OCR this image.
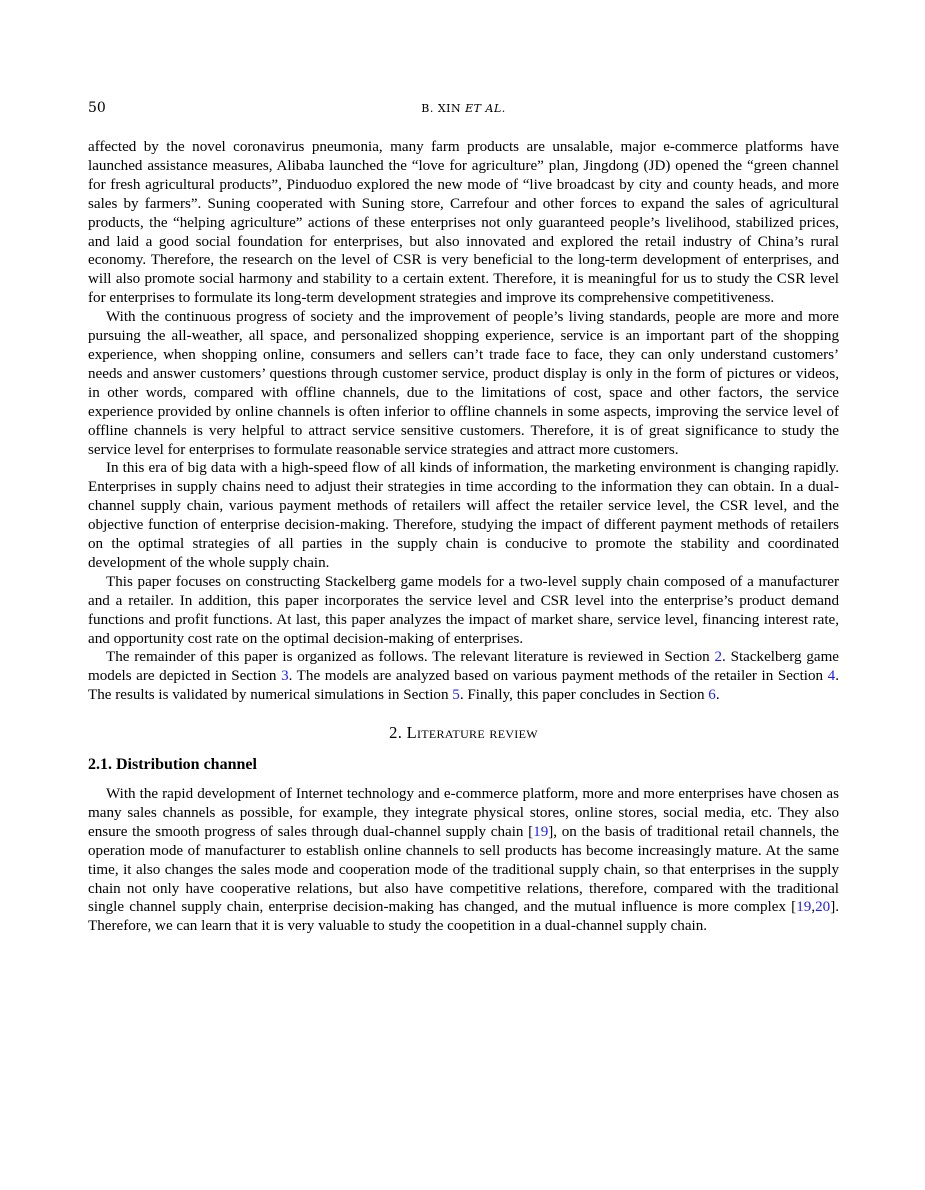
50	B. XIN ET AL.

affected by the novel coronavirus pneumonia, many farm products are unsalable, major e-commerce platforms have launched assistance measures, Alibaba launched the “love for agriculture” plan, Jingdong (JD) opened the “green channel for fresh agricultural products”, Pinduoduo explored the new mode of “live broadcast by city and county heads, and more sales by farmers”. Suning cooperated with Suning store, Carrefour and other forces to expand the sales of agricultural products, the “helping agriculture” actions of these enterprises not only guaranteed people’s livelihood, stabilized prices, and laid a good social foundation for enterprises, but also innovated and explored the retail industry of China’s rural economy. Therefore, the research on the level of CSR is very beneficial to the long-term development of enterprises, and will also promote social harmony and stability to a certain extent. Therefore, it is meaningful for us to study the CSR level for enterprises to formulate its long-term development strategies and improve its comprehensive competitiveness.

With the continuous progress of society and the improvement of people’s living standards, people are more and more pursuing the all-weather, all space, and personalized shopping experience, service is an important part of the shopping experience, when shopping online, consumers and sellers can’t trade face to face, they can only understand customers’ needs and answer customers’ questions through customer service, product display is only in the form of pictures or videos, in other words, compared with offline channels, due to the limitations of cost, space and other factors, the service experience provided by online channels is often inferior to offline channels in some aspects, improving the service level of offline channels is very helpful to attract service sensitive customers. Therefore, it is of great significance to study the service level for enterprises to formulate reasonable service strategies and attract more customers.

In this era of big data with a high-speed flow of all kinds of information, the marketing environment is changing rapidly. Enterprises in supply chains need to adjust their strategies in time according to the information they can obtain. In a dual-channel supply chain, various payment methods of retailers will affect the retailer service level, the CSR level, and the objective function of enterprise decision-making. Therefore, studying the impact of different payment methods of retailers on the optimal strategies of all parties in the supply chain is conducive to promote the stability and coordinated development of the whole supply chain.

This paper focuses on constructing Stackelberg game models for a two-level supply chain composed of a manufacturer and a retailer. In addition, this paper incorporates the service level and CSR level into the enterprise’s product demand functions and profit functions. At last, this paper analyzes the impact of market share, service level, financing interest rate, and opportunity cost rate on the optimal decision-making of enterprises.

The remainder of this paper is organized as follows. The relevant literature is reviewed in Section 2. Stackelberg game models are depicted in Section 3. The models are analyzed based on various payment methods of the retailer in Section 4. The results is validated by numerical simulations in Section 5. Finally, this paper concludes in Section 6.

2. Literature review
2.1. Distribution channel

With the rapid development of Internet technology and e-commerce platform, more and more enterprises have chosen as many sales channels as possible, for example, they integrate physical stores, online stores, social media, etc. They also ensure the smooth progress of sales through dual-channel supply chain [19], on the basis of traditional retail channels, the operation mode of manufacturer to establish online channels to sell products has become increasingly mature. At the same time, it also changes the sales mode and cooperation mode of the traditional supply chain, so that enterprises in the supply chain not only have cooperative relations, but also have competitive relations, therefore, compared with the traditional single channel supply chain, enterprise decision-making has changed, and the mutual influence is more complex [19,20]. Therefore, we can learn that it is very valuable to study the coopetition in a dual-channel supply chain.
